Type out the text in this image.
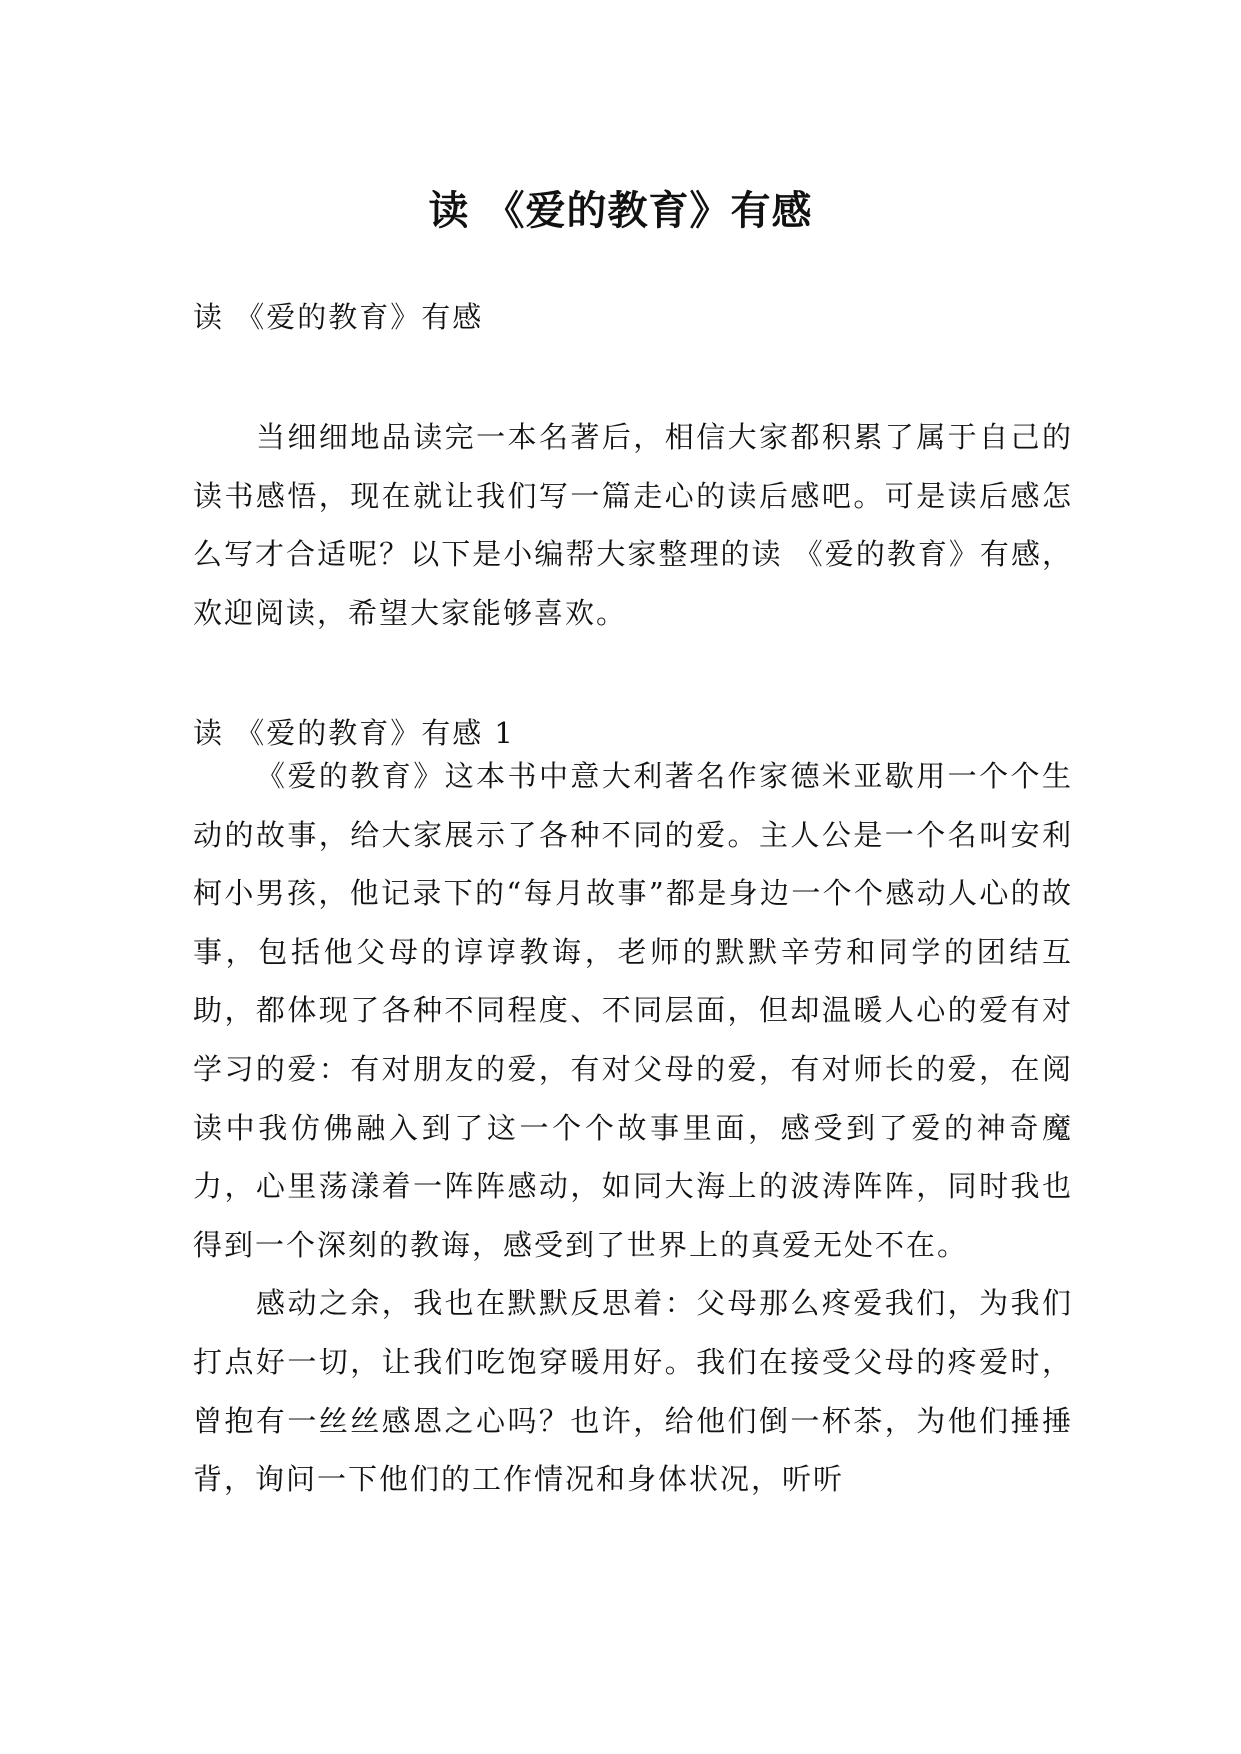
读 《爱的教育》有感
读 《爱的教育》有感

当细细地品读完一本名著后，相信大家都积累了属于自己的读书感悟，现在就让我们写一篇走心的读后感吧。可是读后感怎么写才合适呢？以下是小编帮大家整理的读 《爱的教育》有感，欢迎阅读，希望大家能够喜欢。

读 《爱的教育》有感 1

《爱的教育》这本书中意大利著名作家德米亚歇用一个个生动的故事，给大家展示了各种不同的爱。主人公是一个名叫安利柯小男孩，他记录下的“每月故事”都是身边一个个感动人心的故事，包括他父母的谆谆教诲，老师的默默辛劳和同学的团结互助，都体现了各种不同程度、不同层面，但却温暖人心的爱有对学习的爱：有对朋友的爱，有对父母的爱，有对师长的爱，在阅读中我仿佛融入到了这一个个故事里面，感受到了爱的神奇魔力，心里荡漾着一阵阵感动，如同大海上的波涛阵阵，同时我也得到一个深刻的教诲，感受到了世界上的真爱无处不在。

感动之余，我也在默默反思着：父母那么疼爱我们，为我们打点好一切，让我们吃饱穿暖用好。我们在接受父母的疼爱时，曾抱有一丝丝感恩之心吗？也许，给他们倒一杯茶，为他们捶捶背，询问一下他们的工作情况和身体状况，听听
